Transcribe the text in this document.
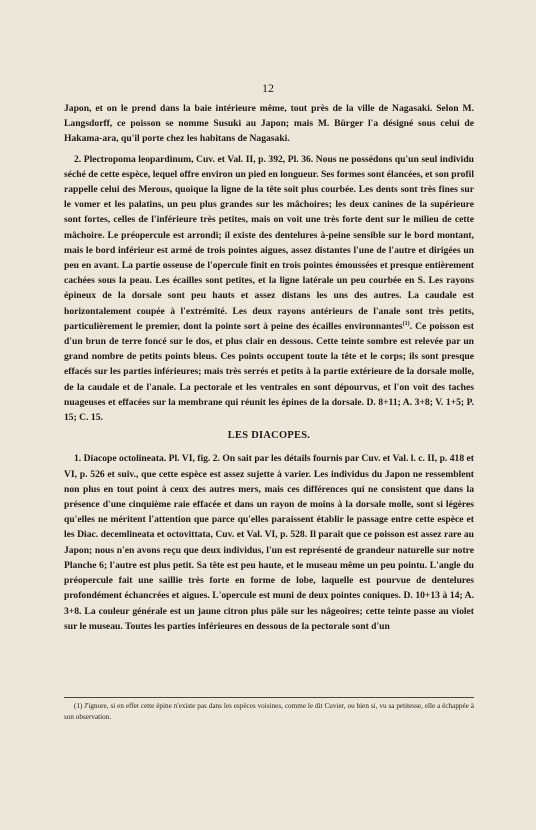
12

Japon, et on le prend dans la baie intérieure même, tout près de la ville de Nagasaki. Selon M. Langsdorff, ce poisson se nomme Susuki au Japon; mais M. Bürger l'a désigné sous celui de Hakama-ara, qu'il porte chez les habitans de Nagasaki.

2. Plectropoma leopardinum, Cuv. et Val. II, p. 392, Pl. 36. Nous ne possédons qu'un seul individu séché de cette espèce, lequel offre environ un pied en longueur. Ses formes sont élancées, et son profil rappelle celui des Merous, quoique la ligne de la tête soit plus courbée. Les dents sont très fines sur le vomer et les palatins, un peu plus grandes sur les mâchoires; les deux canines de la supérieure sont fortes, celles de l'inférieure très petites, mais on voit une très forte dent sur le milieu de cette mâchoire. Le préopercule est arrondi; il existe des dentelures à-peine sensible sur le bord montant, mais le bord inférieur est armé de trois pointes aigues, assez distantes l'une de l'autre et dirigées un peu en avant. La partie osseuse de l'opercule finit en trois pointes émoussées et presque entièrement cachées sous la peau. Les écailles sont petites, et la ligne latérale un peu courbée en S. Les rayons épineux de la dorsale sont peu hauts et assez distans les uns des autres. La caudale est horizontalement coupée à l'extrémité. Les deux rayons antérieurs de l'anale sont très petits, particulièrement le premier, dont la pointe sort à peine des écailles environnantes$^{(1)}$. Ce poisson est d'un brun de terre foncé sur le dos, et plus clair en dessous. Cette teinte sombre est relevée par un grand nombre de petits points bleus. Ces points occupent toute la tête et le corps; ils sont presque effacés sur les parties inférieures; mais très serrés et petits à la partie extérieure de la dorsale molle, de la caudale et de l'anale. La pectorale et les ventrales en sont dépourvus, et l'on voit des taches nuageuses et effacées sur la membrane qui réunit les épines de la dorsale. D. 8+11; A. 3+8; V. 1+5; P. 15; C. 15.

LES DIACOPES.

1. Diacope octolineata. Pl. VI, fig. 2. On sait par les détails fournis par Cuv. et Val. l. c. II, p. 418 et VI, p. 526 et suiv., que cette espèce est assez sujette à varier. Les individus du Japon ne ressemblent non plus en tout point à ceux des autres mers, mais ces différences qui ne consistent que dans la présence d'une cinquième raie effacée et dans un rayon de moins à la dorsale molle, sont si légères qu'elles ne méritent l'attention que parce qu'elles paraissent établir le passage entre cette espèce et les Diac. decemlineata et octovittata, Cuv. et Val. VI, p. 528. Il paraît que ce poisson est assez rare au Japon; nous n'en avons reçu que deux individus, l'un est représenté de grandeur naturelle sur notre Planche 6; l'autre est plus petit. Sa tête est peu haute, et le museau même un peu pointu. L'angle du préopercule fait une saillie très forte en forme de lobe, laquelle est pourvue de dentelures profondément échancrées et aigues. L'opercule est muni de deux pointes coniques. D. 10+13 à 14; A. 3+8. La couleur générale est un jaune citron plus pâle sur les nâgeoires; cette teinte passe au violet sur le museau. Toutes les parties inférieures en dessous de la pectorale sont d'un

(1) J'ignore, si en effet cette épine n'existe pas dans les espèces voisines, comme le dit Cuvier, ou bien si, vu sa petitesse, elle a échappée à son observation.
